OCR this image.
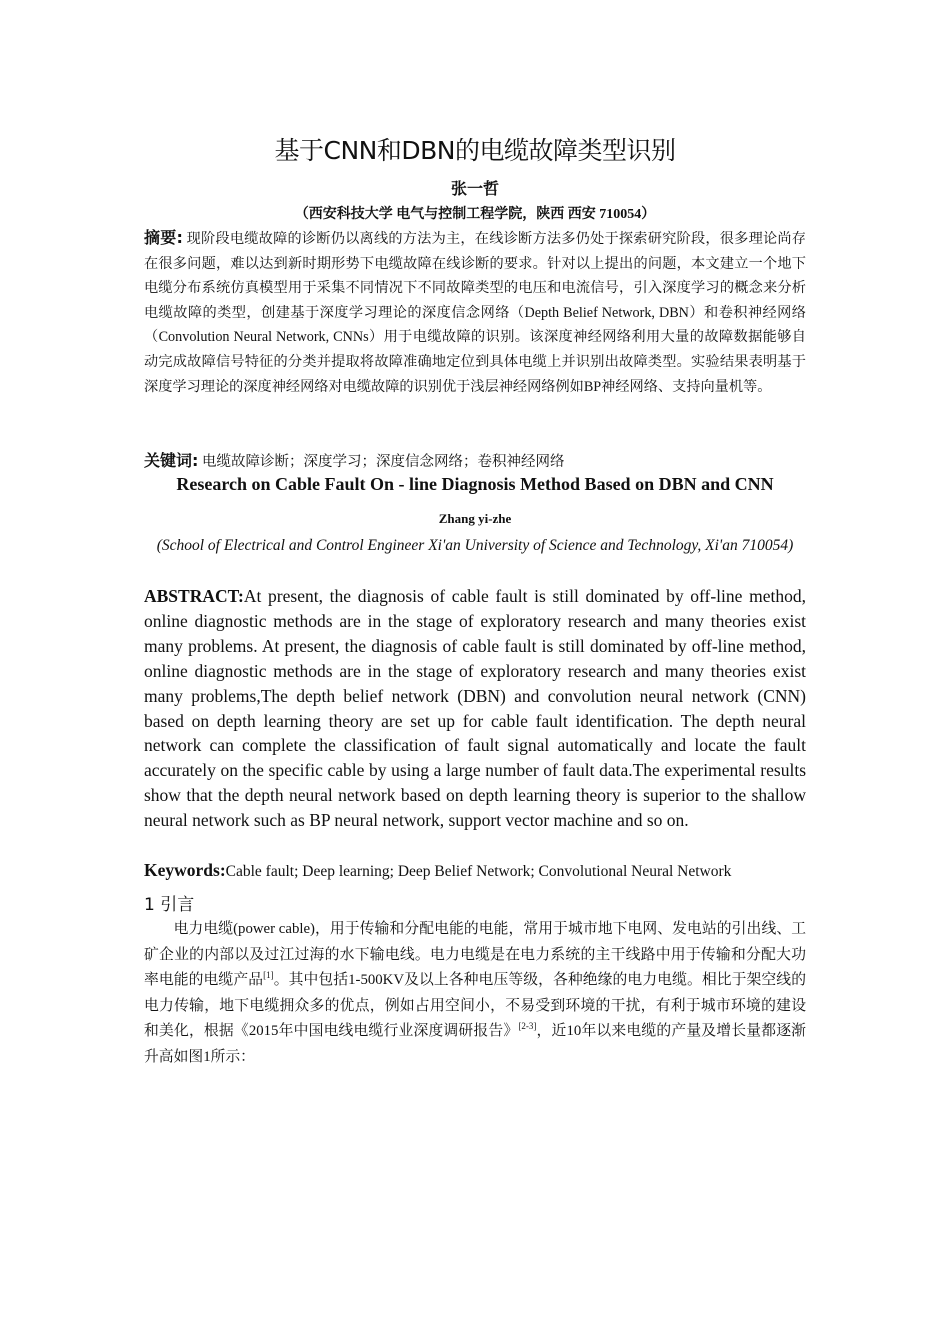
基于CNN和DBN的电缆故障类型识别
张一哲
（西安科技大学 电气与控制工程学院，陕西 西安 710054）
摘要: 现阶段电缆故障的诊断仍以离线的方法为主，在线诊断方法多仍处于探索研究阶段，很多理论尚存在很多问题，难以达到新时期形势下电缆故障在线诊断的要求。针对以上提出的问题，本文建立一个地下电缆分布系统仿真模型用于采集不同情况下不同故障类型的电压和电流信号，引入深度学习的概念来分析电缆故障的类型，创建基于深度学习理论的深度信念网络（Depth Belief Network, DBN）和卷积神经网络（Convolution Neural Network, CNNs）用于电缆故障的识别。该深度神经网络利用大量的故障数据能够自动完成故障信号特征的分类并提取将故障准确地定位到具体电缆上并识别出故障类型。实验结果表明基于深度学习理论的深度神经网络对电缆故障的识别优于浅层神经网络例如BP神经网络、支持向量机等。
关键词: 电缆故障诊断；深度学习；深度信念网络；卷积神经网络
Research on Cable Fault On - line Diagnosis Method Based on DBN and CNN
Zhang yi-zhe
(School of Electrical and Control Engineer Xi'an University of Science and Technology, Xi'an 710054)
ABSTRACT:At present, the diagnosis of cable fault is still dominated by off-line method, online diagnostic methods are in the stage of exploratory research and many theories exist many problems. At present, the diagnosis of cable fault is still dominated by off-line method, online diagnostic methods are in the stage of exploratory research and many theories exist many problems,The depth belief network (DBN) and convolution neural network (CNN) based on depth learning theory are set up for cable fault identification. The depth neural network can complete the classification of fault signal automatically and locate the fault accurately on the specific cable by using a large number of fault data.The experimental results show that the depth neural network based on depth learning theory is superior to the shallow neural network such as BP neural network, support vector machine and so on.
Keywords:Cable fault; Deep learning; Deep Belief Network; Convolutional Neural Network
1 引言

电力电缆(power cable)，用于传输和分配电能的电能，常用于城市地下电网、发电站的引出线、工矿企业的内部以及过江过海的水下输电线。电力电缆是在电力系统的主干线路中用于传输和分配大功率电能的电缆产品[1]。其中包括1-500KV及以上各种电压等级，各种绝缘的电力电缆。相比于架空线的电力传输，地下电缆拥众多的优点，例如占用空间小，不易受到环境的干扰，有利于城市环境的建设和美化，根据《2015年中国电线电缆行业深度调研报告》[2-3]，近10年以来电缆的产量及增长量都逐渐升高如图1所示：
